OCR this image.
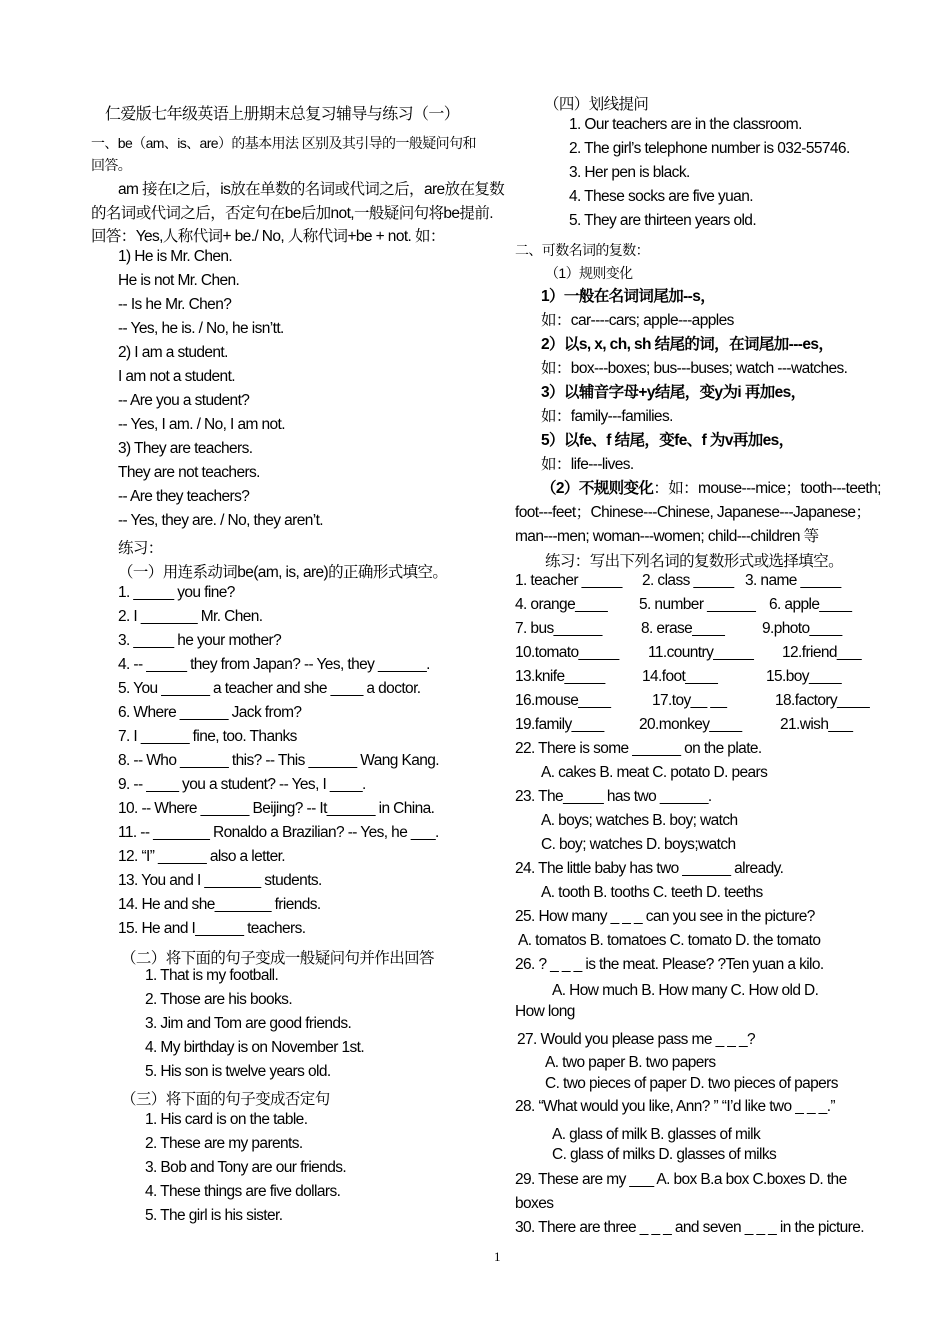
仁爱版七年级英语上册期末总复习辅导与练习（一）
一、be（am、is、are）的基本用法 区别及其引导的一般疑问句和
回答。
am 接在I之后，is放在单数的名词或代词之后，are放在复数
的名词或代词之后，否定句在be后加not,一般疑问句将be提前.
回答：Yes,人称代词+ be./ No, 人称代词+be + not. 如：
1) He is Mr. Chen.
He is not Mr. Chen.
-- Is he Mr. Chen?
-- Yes, he is. / No, he isn’tt.
2) I am a student.
I am not a student.
-- Are you a student?
-- Yes, I am. / No, I am not.
3) They are teachers.
They are not teachers.
-- Are they teachers?
-- Yes, they are. / No, they aren’t.
练习：
（一）用连系动词be(am, is, are)的正确形式填空。
1. _____ you fine?
2. I _______ Mr. Chen.
3. _____ he your mother?
4. -- _____ they from Japan? -- Yes, they ______.
5. You ______ a teacher and she ____ a doctor.
6. Where ______ Jack from?
7. I ______ fine, too. Thanks
8. -- Who ______ this? -- This ______ Wang Kang.
9. -- ____ you a student? -- Yes, I ____.
10. -- Where ______ Beijing? -- It______ in China.
11. -- _______ Ronaldo a Brazilian? -- Yes, he ___.
12. “I” ______ also a letter.
13. You and I _______ students.
14. He and she_______ friends.
15. He and I______ teachers.
（二）将下面的句子变成一般疑问句并作出回答
1. That is my football.
2. Those are his books.
3. Jim and Tom are good friends.
4. My birthday is on November 1st.
5. His son is twelve years old.
（三）将下面的句子变成否定句
1. His card is on the table.
2. These are my parents.
3. Bob and Tony are our friends.
4. These things are five dollars.
5. The girl is his sister.
（四）划线提问
1. Our teachers are in the classroom.
2. The girl’s telephone number is 032-55746.
3. Her pen is black.
4. These socks are five yuan.
5. They are thirteen years old.
二、可数名词的复数：
（1）规则变化
1）一般在名词词尾加--s，
如：car----cars; apple---apples
2）以s, x, ch, sh 结尾的词，在词尾加---es，
如：box---boxes; bus---buses; watch ---watches.
3）以辅音字母+y结尾，变y为i 再加es，
如：family---families.
5）以fe、f 结尾，变fe、f 为v再加es，
如：life---lives.
（2）不规则变化：如：mouse---mice；tooth---teeth;
foot---feet；Chinese---Chinese, Japanese---Japanese；
man---men; woman---women; child---children 等
练习：写出下列名词的复数形式或选择填空。
1. teacher _____ 2. class _____ 3. name _____
4. orange____ 5. number ______ 6. apple____
7. bus______	8. erase____ 9.photo____
10.tomato_____ 11.country_____ 12.friend___
13.knife_____ 14.foot____	15.boy____
16.mouse____	17.toy__ __	18.factory____
19.family____ 20.monkey____ 21.wish___
22. There is some ______ on the plate.
A. cakes B. meat C. potato D. pears
23. The_____ has two ______.
A. boys; watches B. boy; watch
C. boy; watches D. boys;watch
24. The little baby has two ______ already.
A. tooth B. tooths C. teeth D. teeths
25. How many _ _ _ can you see in the picture?
A. tomatos B. tomatoes C. tomato D. the tomato
26. ? _ _ _ is the meat. Please? ?Ten yuan a kilo.
A. How much B. How many C. How old D.
How long
27. Would you please pass me _ _ _?
A. two paper B. two papers
C. two pieces of paper D. two pieces of papers
28. “What would you like, Ann? ” “I’d like two _ _ _.”
A. glass of milk B. glasses of milk
C. glass of milks D. glasses of milks
29. These are my ___ A. box B.a box C.boxes D. the
boxes
30. There are three _ _ _ and seven _ _ _ in the picture.
1
